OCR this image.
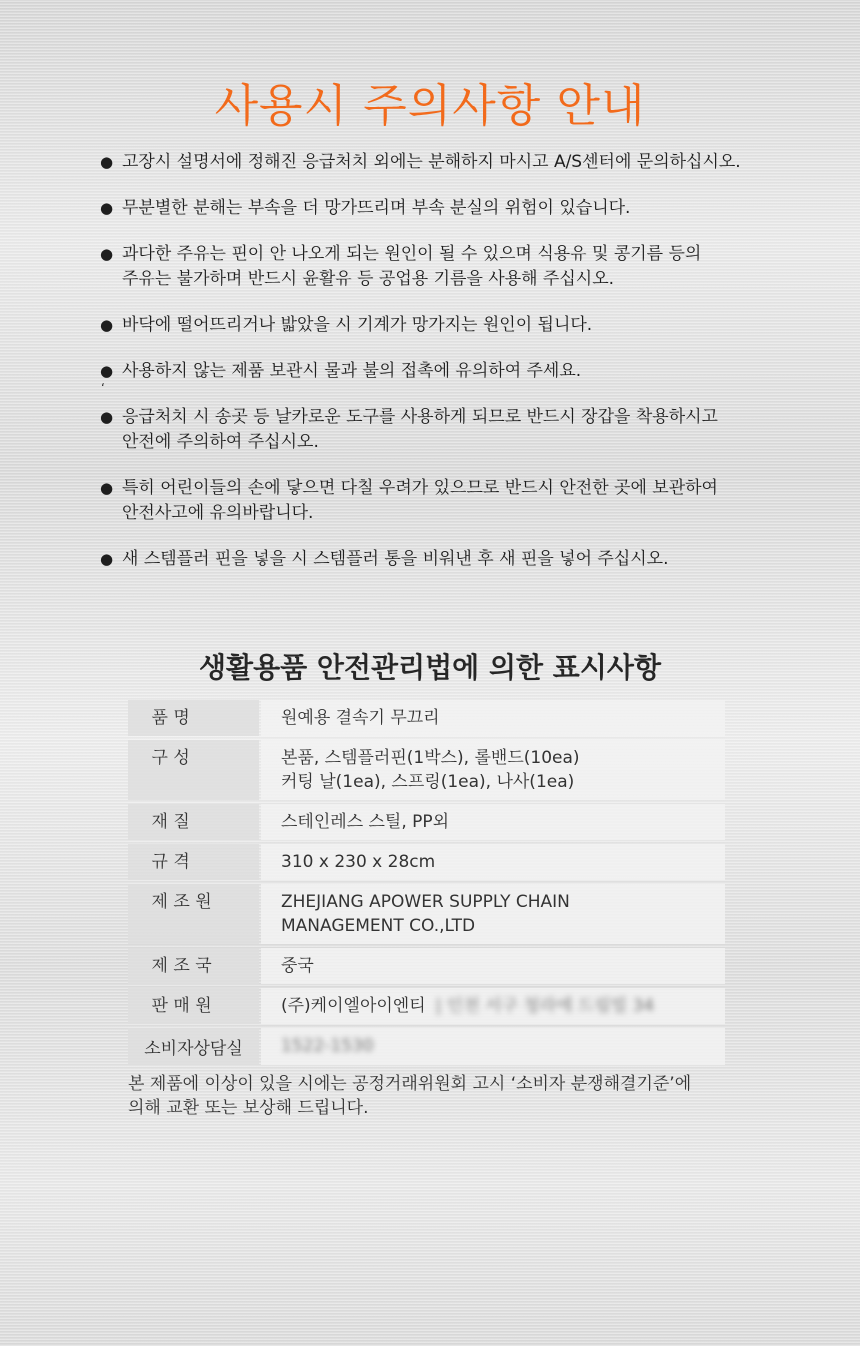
사용시 주의사항 안내
● 고장시 설명서에 정해진 응급처치 외에는 분해하지 마시고 A/S센터에 문의하십시오.
● 무분별한 분해는 부속을 더 망가뜨리며 부속 분실의 위험이 있습니다.
● 과다한 주유는 핀이 안 나오게 되는 원인이 될 수 있으며 식용유 및 콩기름 등의
주유는 불가하며 반드시 윤활유 등 공업용 기름을 사용해 주십시오.
● 바닥에 떨어뜨리거나 밟았을 시 기계가 망가지는 원인이 됩니다.
● 사용하지 않는 제품 보관시 물과 불의 접촉에 유의하여 주세요.
● 응급처치 시 송곳 등 날카로운 도구를 사용하게 되므로 반드시 장갑을 착용하시고
안전에 주의하여 주십시오.
● 특히 어린이들의 손에 닿으면 다칠 우려가 있으므로 반드시 안전한 곳에 보관하여
안전사고에 유의바랍니다.
● 새 스템플러 핀을 넣을 시 스템플러 통을 비워낸 후 새 핀을 넣어 주십시오.
‘
생활용품 안전관리법에 의한 표시사항
품 명	원예용 결속기 무끄리
구 성	본품, 스템플러핀(1박스), 롤밴드(10ea)
커팅 날(1ea), 스프링(1ea), 나사(1ea)
재 질	스테인레스 스틸, PP외
규 격	310 x 230 x 28cm
제 조 원	ZHEJIANG APOWER SUPPLY CHAIN
MANAGEMENT CO.,LTD
제 조 국	중국
판 매 원	(주)케이엘아이엔티 | 인천 서구 청라에 드림빌 34
소비자상담실	1522-1530
본 제품에 이상이 있을 시에는 공정거래위원회 고시 ‘소비자 분쟁해결기준’에
의해 교환 또는 보상해 드립니다.
